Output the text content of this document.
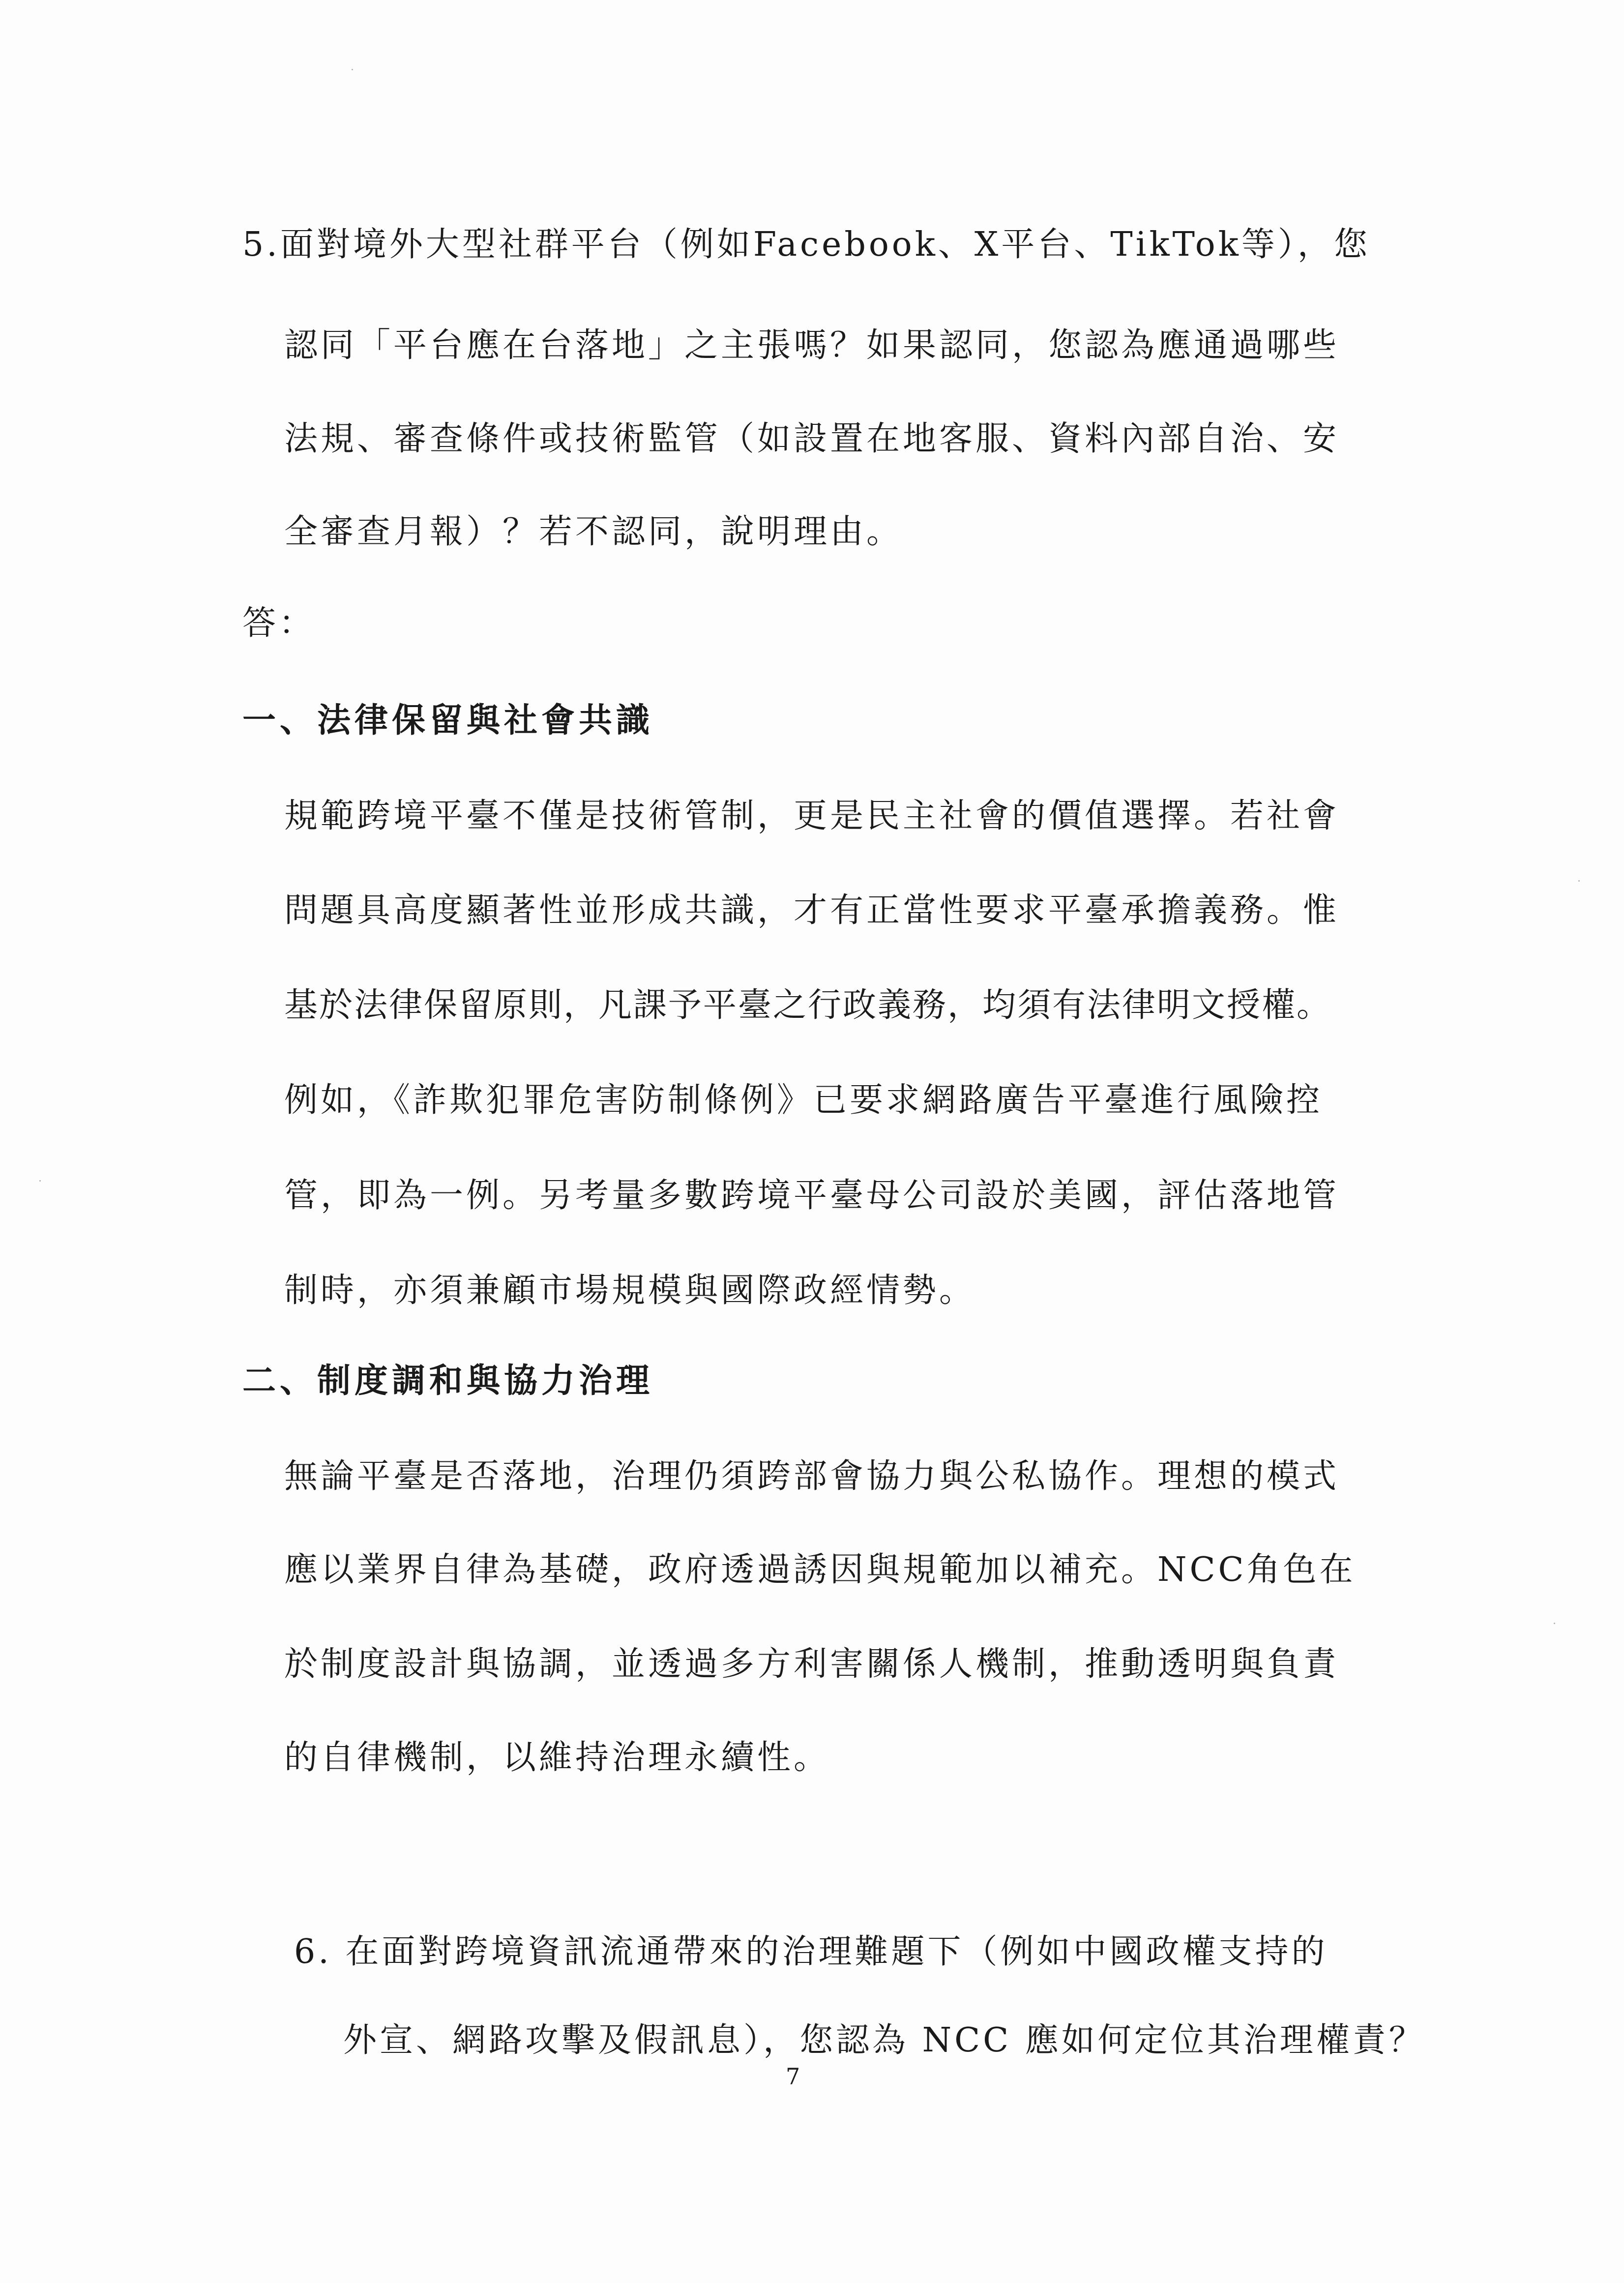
5.面對境外大型社群平台（例如Facebook、X平台、TikTok等），您
認同「平台應在台落地」之主張嗎？如果認同，您認為應通過哪些
法規、審查條件或技術監管（如設置在地客服、資料內部自治、安
全審查月報）？若不認同，說明理由。
答：
一、法律保留與社會共識
規範跨境平臺不僅是技術管制，更是民主社會的價值選擇。若社會
問題具高度顯著性並形成共識，才有正當性要求平臺承擔義務。惟
基於法律保留原則，凡課予平臺之行政義務，均須有法律明文授權。
例如，《詐欺犯罪危害防制條例》已要求網路廣告平臺進行風險控
管，即為一例。另考量多數跨境平臺母公司設於美國，評估落地管
制時，亦須兼顧市場規模與國際政經情勢。
二、制度調和與協力治理
無論平臺是否落地，治理仍須跨部會協力與公私協作。理想的模式
應以業界自律為基礎，政府透過誘因與規範加以補充。NCC角色在
於制度設計與協調，並透過多方利害關係人機制，推動透明與負責
的自律機制，以維持治理永續性。
6. 在面對跨境資訊流通帶來的治理難題下（例如中國政權支持的
外宣、網路攻擊及假訊息），您認為 NCC 應如何定位其治理權責？
7
